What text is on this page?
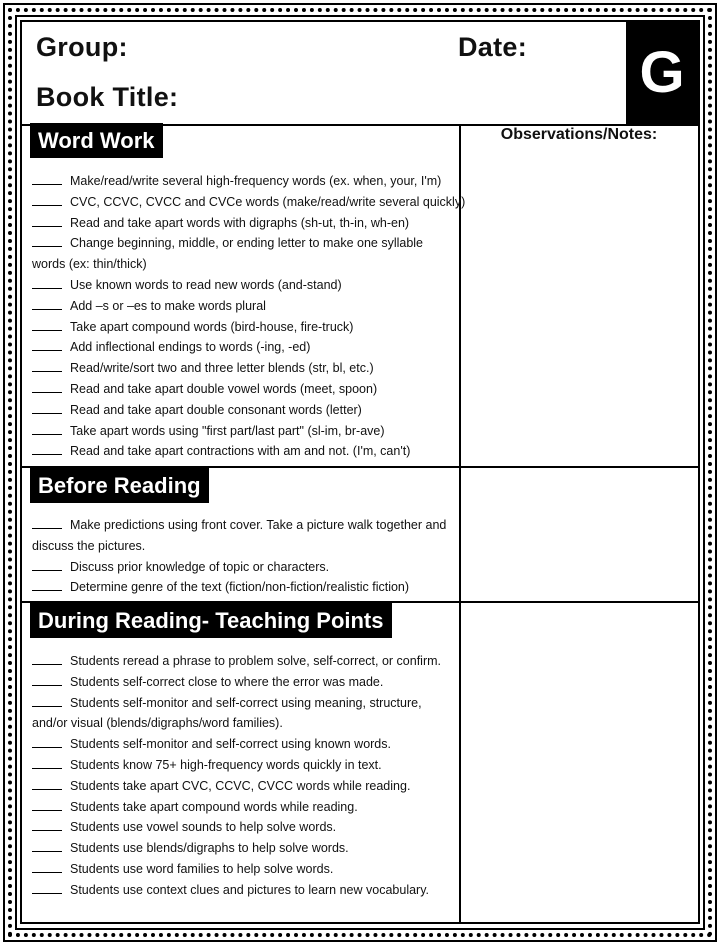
Group:	Date:
Book Title:	G
Observations/Notes:
Word Work
Make/read/write several high-frequency words (ex. when, your, I'm)
CVC, CCVC, CVCC and CVCe words (make/read/write several quickly)
Read and take apart words with digraphs (sh-ut, th-in, wh-en)
Change beginning, middle, or ending letter to make one syllable words (ex: thin/thick)
Use known words to read new words (and-stand)
Add –s or –es to make words plural
Take apart compound words (bird-house, fire-truck)
Add inflectional endings to words (-ing, -ed)
Read/write/sort two and three letter blends (str, bl, etc.)
Read and take apart double vowel words (meet, spoon)
Read and take apart double consonant words (letter)
Take apart words using "first part/last part" (sl-im, br-ave)
Read and take apart contractions with am and not. (I'm, can't)
Before Reading
Make predictions using front cover. Take a picture walk together and discuss the pictures.
Discuss prior knowledge of topic or characters.
Determine genre of the text (fiction/non-fiction/realistic fiction)
During Reading- Teaching Points
Students reread a phrase to problem solve, self-correct, or confirm.
Students self-correct close to where the error was made.
Students self-monitor and self-correct using meaning, structure, and/or visual (blends/digraphs/word families).
Students self-monitor and self-correct using known words.
Students know 75+ high-frequency words quickly in text.
Students take apart CVC, CCVC, CVCC words while reading.
Students take apart compound words while reading.
Students use vowel sounds to help solve words.
Students use blends/digraphs to help solve words.
Students use word families to help solve words.
Students use context clues and pictures to learn new vocabulary.
